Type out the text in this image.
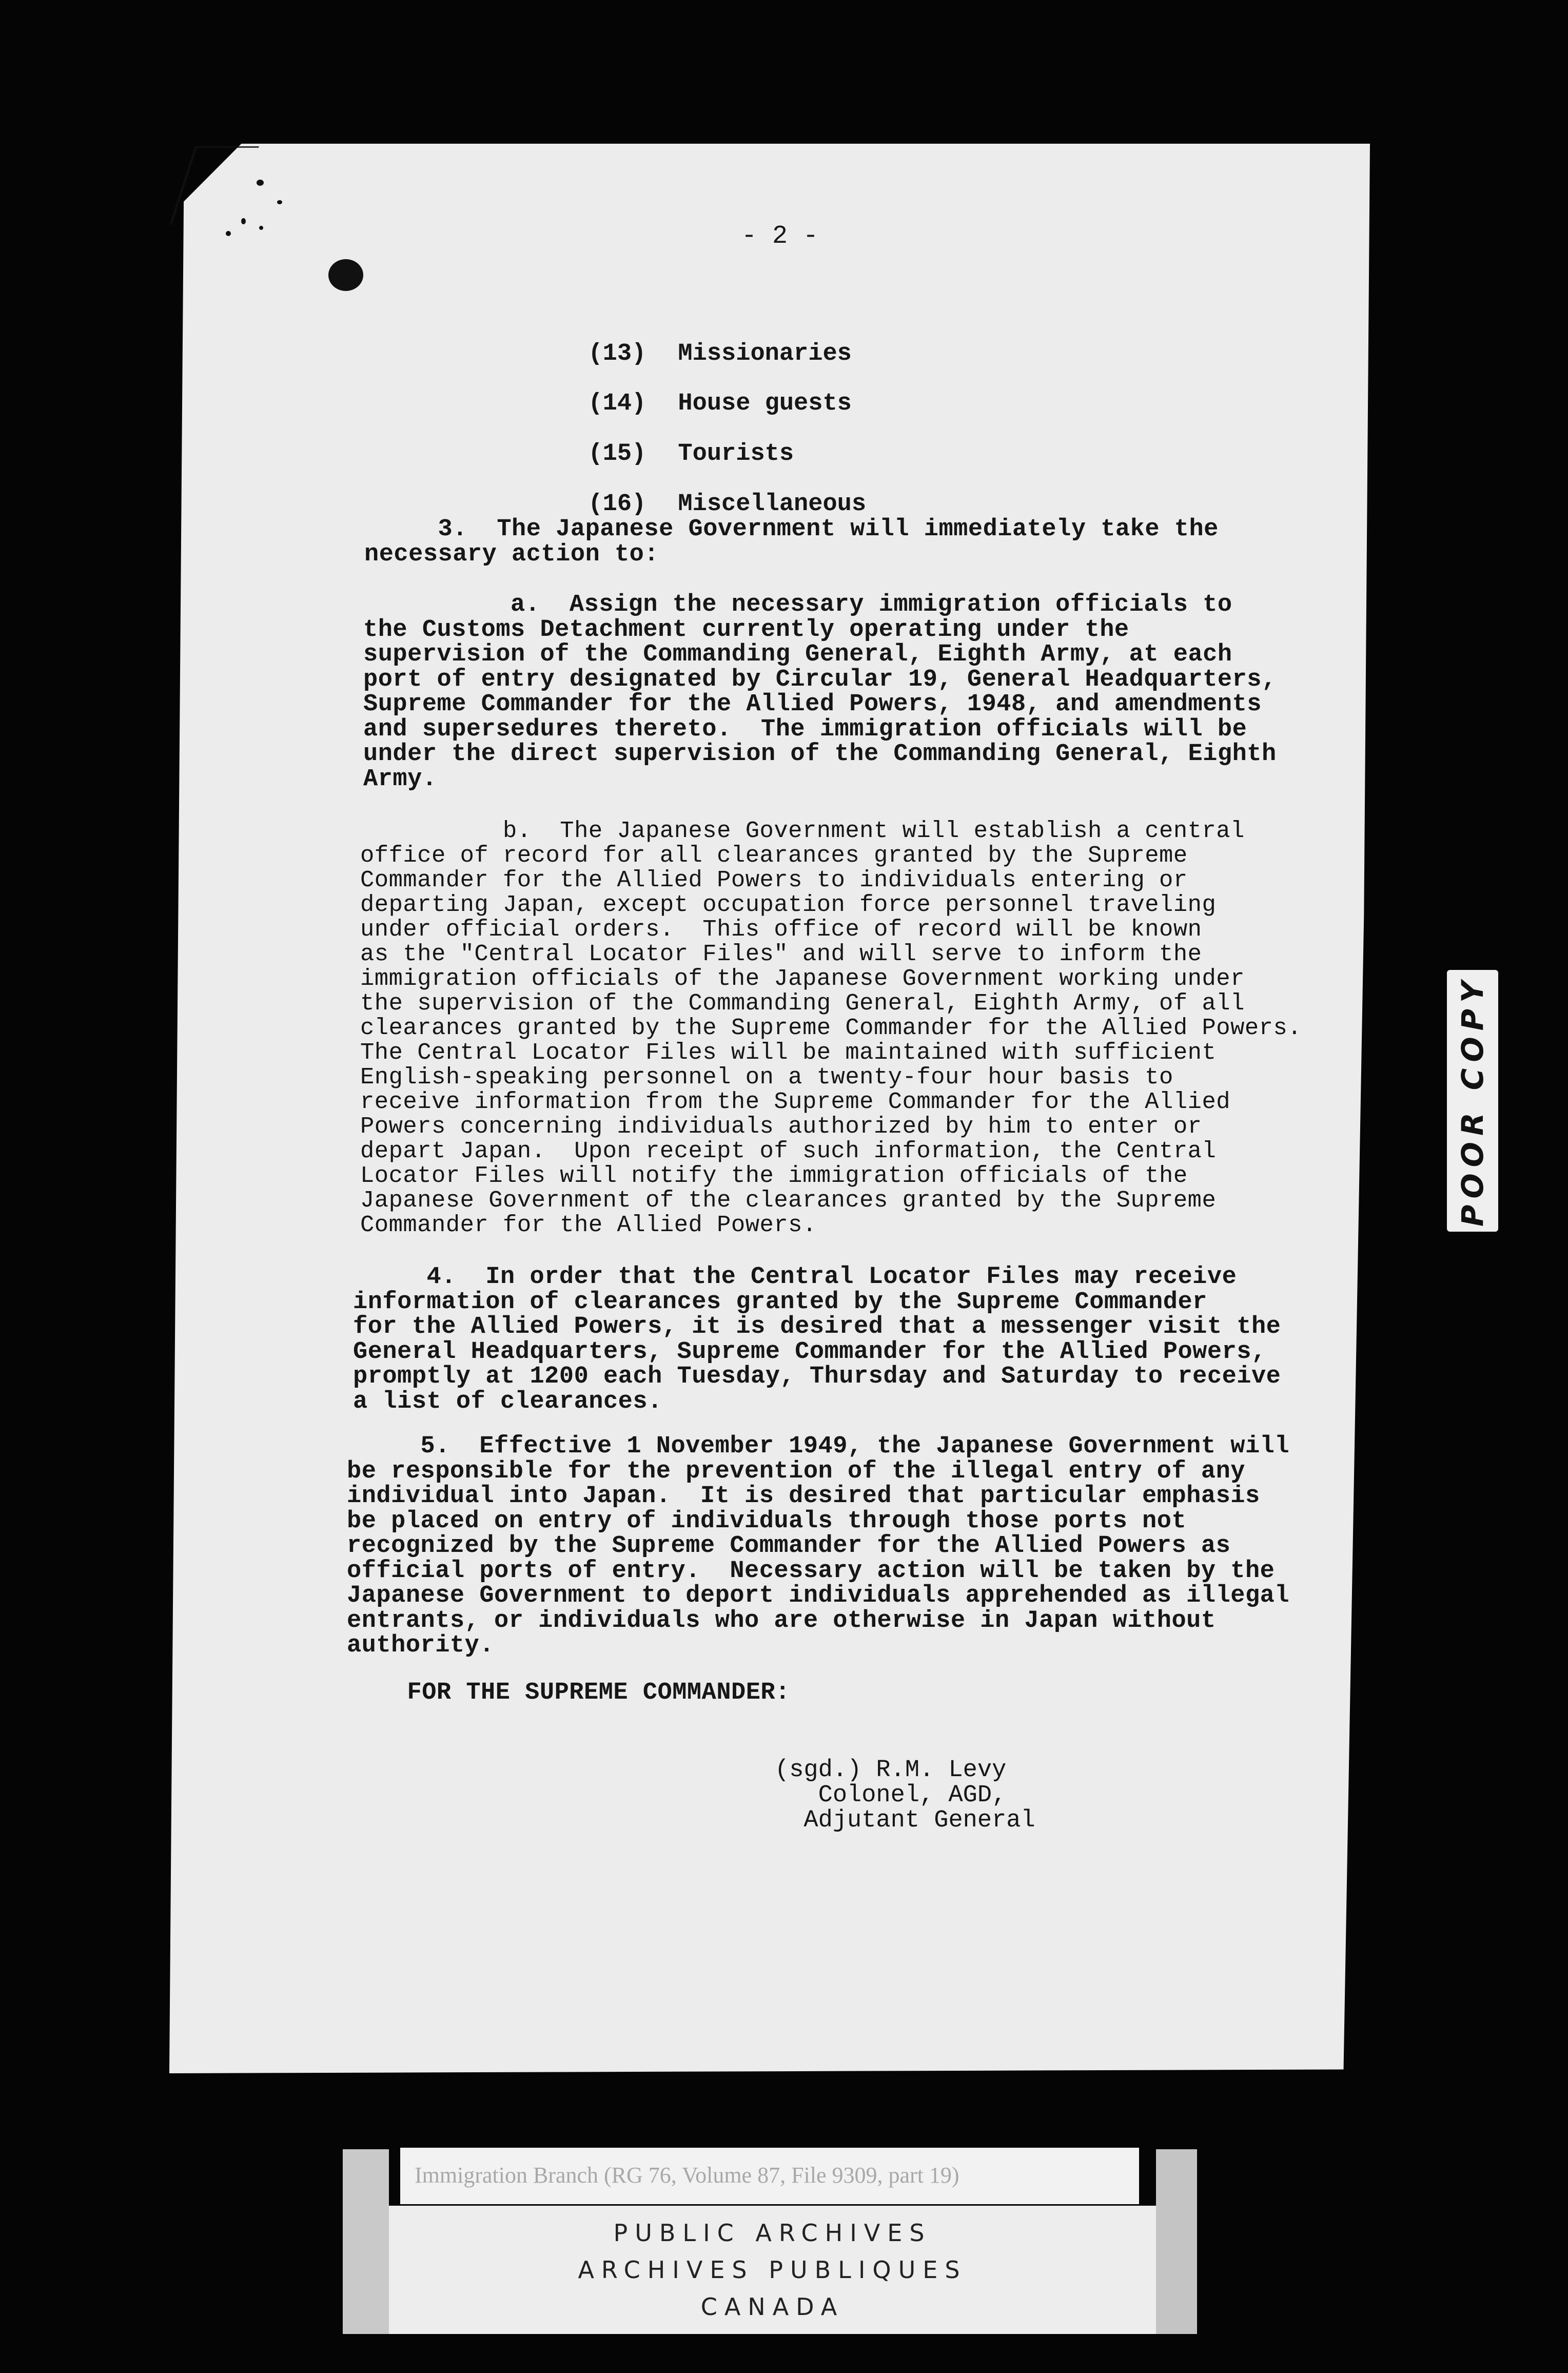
- 2 -

(13) Missionaries

(14) House guests

(15) Tourists

(16) Miscellaneous

3.  The Japanese Government will immediately take the
necessary action to:
a.  Assign the necessary immigration officials to
the Customs Detachment currently operating under the
supervision of the Commanding General, Eighth Army, at each
port of entry designated by Circular 19, General Headquarters,
Supreme Commander for the Allied Powers, 1948, and amendments
and supersedures thereto.  The immigration officials will be
under the direct supervision of the Commanding General, Eighth
Army.
b.  The Japanese Government will establish a central
office of record for all clearances granted by the Supreme
Commander for the Allied Powers to individuals entering or
departing Japan, except occupation force personnel traveling
under official orders.  This office of record will be known
as the "Central Locator Files" and will serve to inform the
immigration officials of the Japanese Government working under
the supervision of the Commanding General, Eighth Army, of all
clearances granted by the Supreme Commander for the Allied Powers.
The Central Locator Files will be maintained with sufficient
English-speaking personnel on a twenty-four hour basis to
receive information from the Supreme Commander for the Allied
Powers concerning individuals authorized by him to enter or
depart Japan.  Upon receipt of such information, the Central
Locator Files will notify the immigration officials of the
Japanese Government of the clearances granted by the Supreme
Commander for the Allied Powers.
4.  In order that the Central Locator Files may receive
information of clearances granted by the Supreme Commander
for the Allied Powers, it is desired that a messenger visit the
General Headquarters, Supreme Commander for the Allied Powers,
promptly at 1200 each Tuesday, Thursday and Saturday to receive
a list of clearances.
5.  Effective 1 November 1949, the Japanese Government will
be responsible for the prevention of the illegal entry of any
individual into Japan.  It is desired that particular emphasis
be placed on entry of individuals through those ports not
recognized by the Supreme Commander for the Allied Powers as
official ports of entry.  Necessary action will be taken by the
Japanese Government to deport individuals apprehended as illegal
entrants, or individuals who are otherwise in Japan without
authority.
FOR THE SUPREME COMMANDER:
(sgd.) R.M. Levy
Colonel, AGD,
Adjutant General
POOR COPY
PUBLIC ARCHIVES
ARCHIVES PUBLIQUES
CANADA
Immigration Branch (RG 76, Volume 87, File 9309, part 19)
